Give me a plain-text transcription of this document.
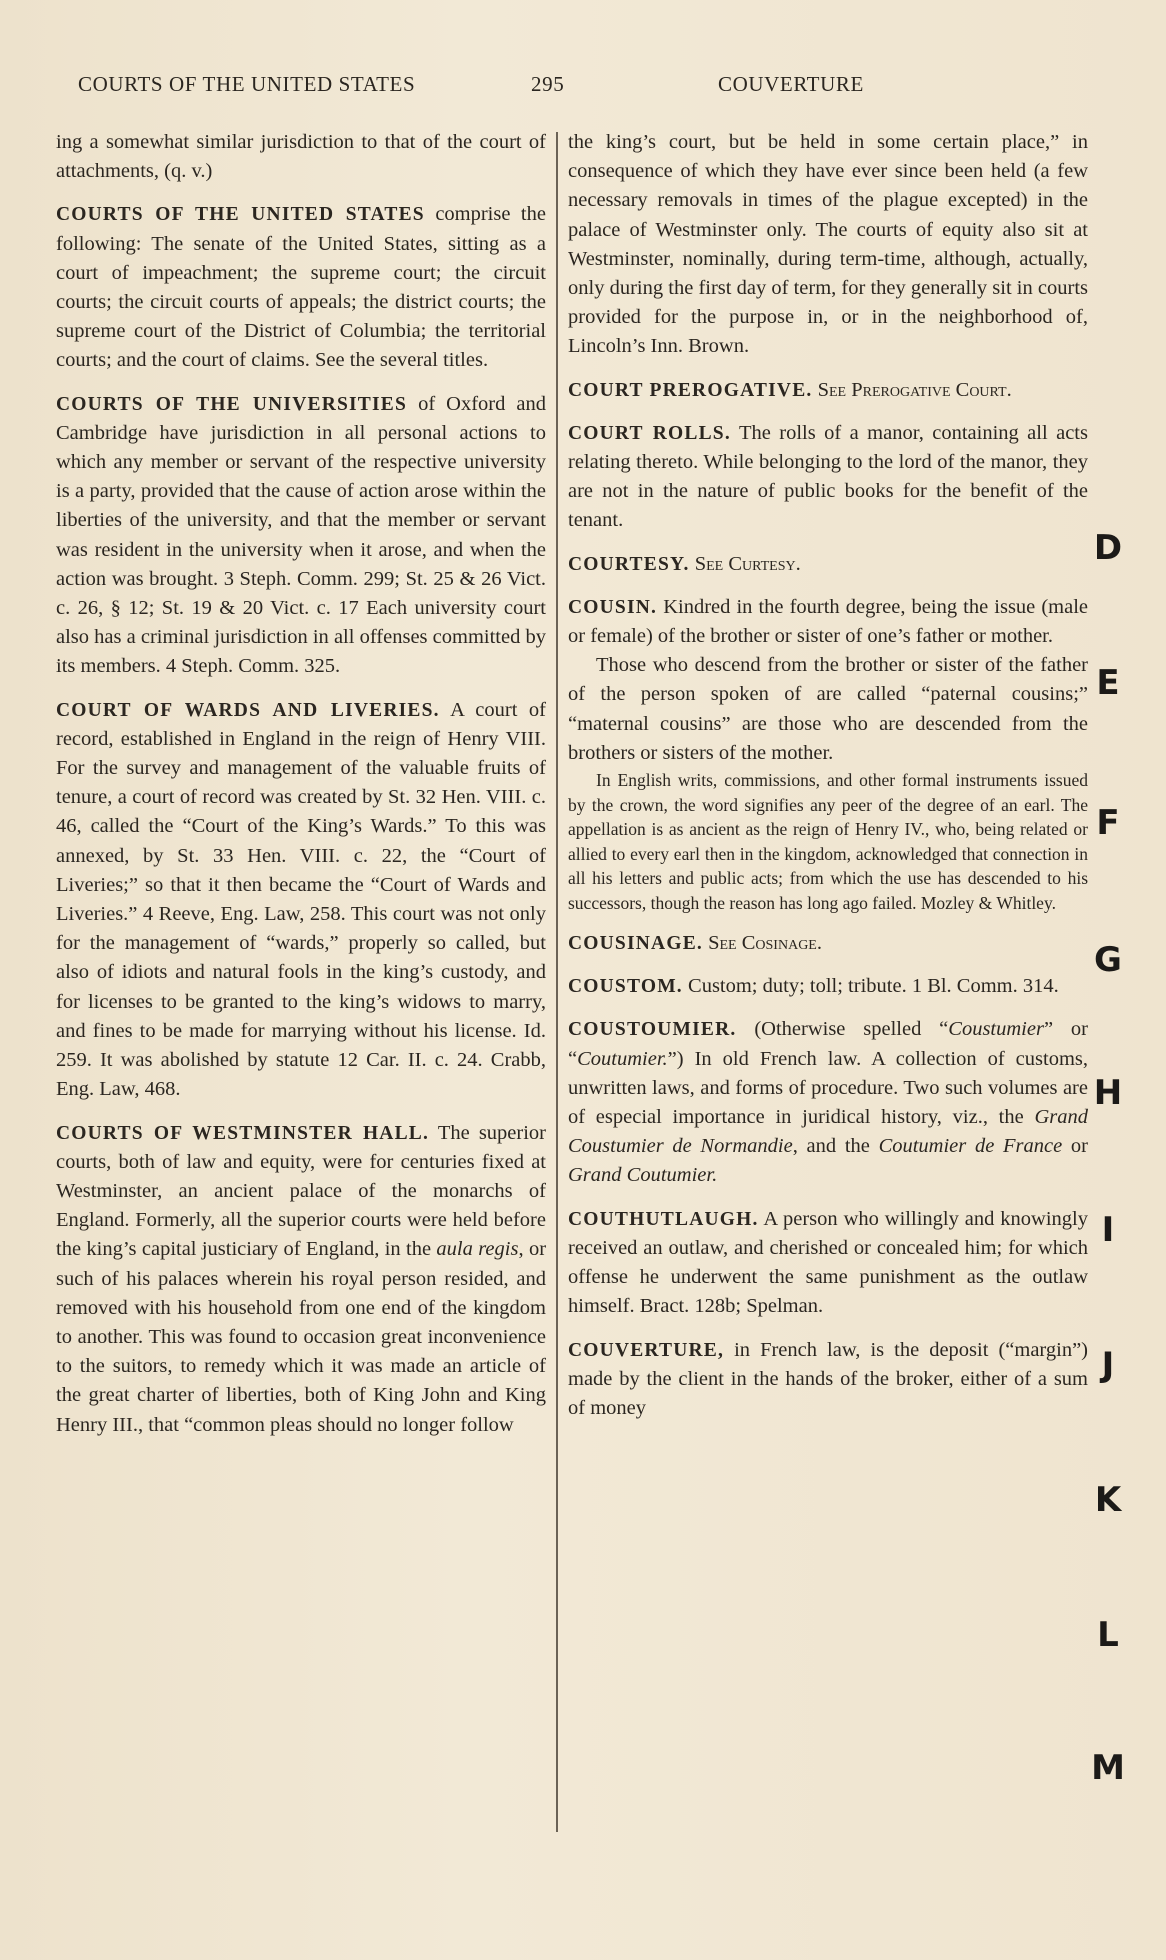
COURTS OF THE UNITED STATES	295	COUVERTURE

ing a somewhat similar jurisdiction to that of the court of attachments, (q. v.)

COURTS OF THE UNITED STATES comprise the following: The senate of the United States, sitting as a court of impeachment; the supreme court; the circuit courts; the circuit courts of appeals; the district courts; the supreme court of the District of Columbia; the territorial courts; and the court of claims. See the several titles.

COURTS OF THE UNIVERSITIES of Oxford and Cambridge have jurisdiction in all personal actions to which any member or servant of the respective university is a party, provided that the cause of action arose within the liberties of the university, and that the member or servant was resident in the university when it arose, and when the action was brought. 3 Steph. Comm. 299; St. 25 & 26 Vict. c. 26, § 12; St. 19 & 20 Vict. c. 17 Each university court also has a criminal jurisdiction in all offenses committed by its members. 4 Steph. Comm. 325.

COURT OF WARDS AND LIVERIES. A court of record, established in England in the reign of Henry VIII. For the survey and management of the valuable fruits of tenure, a court of record was created by St. 32 Hen. VIII. c. 46, called the “Court of the King’s Wards.” To this was annexed, by St. 33 Hen. VIII. c. 22, the “Court of Liveries;” so that it then became the “Court of Wards and Liveries.” 4 Reeve, Eng. Law, 258. This court was not only for the management of “wards,” properly so called, but also of idiots and natural fools in the king’s custody, and for licenses to be granted to the king’s widows to marry, and fines to be made for marrying without his license. Id. 259. It was abolished by statute 12 Car. II. c. 24. Crabb, Eng. Law, 468.

COURTS OF WESTMINSTER HALL. The superior courts, both of law and equity, were for centuries fixed at Westminster, an ancient palace of the monarchs of England. Formerly, all the superior courts were held before the king’s capital justiciary of England, in the aula regis, or such of his palaces wherein his royal person resided, and removed with his household from one end of the kingdom to another. This was found to occasion great inconvenience to the suitors, to remedy which it was made an article of the great charter of liberties, both of King John and King Henry III., that “common pleas should no longer follow

the king’s court, but be held in some certain place,” in consequence of which they have ever since been held (a few necessary removals in times of the plague excepted) in the palace of Westminster only. The courts of equity also sit at Westminster, nominally, during term-time, although, actually, only during the first day of term, for they generally sit in courts provided for the purpose in, or in the neighborhood of, Lincoln’s Inn. Brown.

COURT PREROGATIVE. See Prerogative Court.

COURT ROLLS. The rolls of a manor, containing all acts relating thereto. While belonging to the lord of the manor, they are not in the nature of public books for the benefit of the tenant.

COURTESY. See Curtesy.

COUSIN. Kindred in the fourth degree, being the issue (male or female) of the brother or sister of one’s father or mother.

Those who descend from the brother or sister of the father of the person spoken of are called “paternal cousins;” “maternal cousins” are those who are descended from the brothers or sisters of the mother.

In English writs, commissions, and other formal instruments issued by the crown, the word signifies any peer of the degree of an earl. The appellation is as ancient as the reign of Henry IV., who, being related or allied to every earl then in the kingdom, acknowledged that connection in all his letters and public acts; from which the use has descended to his successors, though the reason has long ago failed. Mozley & Whitley.

COUSINAGE. See Cosinage.

COUSTOM. Custom; duty; toll; tribute. 1 Bl. Comm. 314.

COUSTOUMIER. (Otherwise spelled “Coustumier” or “Coutumier.”) In old French law. A collection of customs, unwritten laws, and forms of procedure. Two such volumes are of especial importance in juridical history, viz., the Grand Coustumier de Normandie, and the Coutumier de France or Grand Coutumier.

COUTHUTLAUGH. A person who willingly and knowingly received an outlaw, and cherished or concealed him; for which offense he underwent the same punishment as the outlaw himself. Bract. 128b; Spelman.

COUVERTURE, in French law, is the deposit (“margin”) made by the client in the hands of the broker, either of a sum of money

D
E
F
G
H
I
J
K
L
M
